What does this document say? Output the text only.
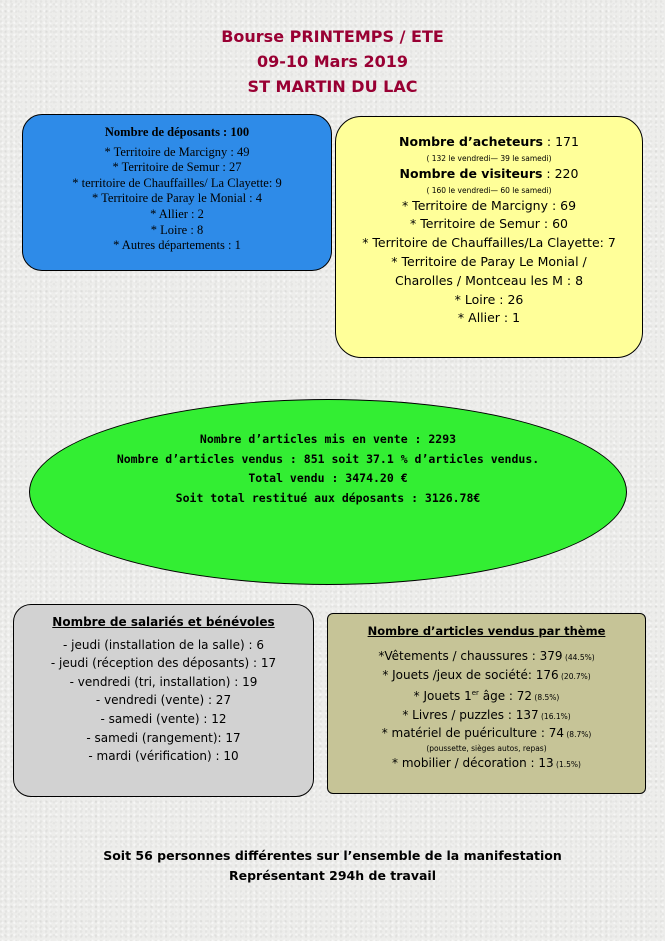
Bourse PRINTEMPS / ETE
09-10 Mars 2019
ST MARTIN DU LAC
Nombre de déposants : 100
* Territoire de Marcigny : 49
* Territoire de Semur : 27
* territoire de Chauffailles/ La Clayette: 9
* Territoire de Paray le Monial : 4
* Allier : 2
* Loire : 8
* Autres départements : 1
Nombre d’acheteurs : 171
( 132 le vendredi— 39 le samedi)
Nombre de visiteurs : 220
( 160 le vendredi— 60 le samedi)
* Territoire de Marcigny : 69
* Territoire de Semur : 60
* Territoire de Chauffailles/La Clayette: 7
* Territoire de Paray Le Monial /
Charolles / Montceau les M : 8
* Loire : 26
* Allier : 1
Nombre d’articles mis en vente : 2293
Nombre d’articles vendus : 851 soit 37.1 % d’articles vendus.
Total vendu : 3474.20 €
Soit total restitué aux déposants : 3126.78€
Nombre de salariés et bénévoles
- jeudi (installation de la salle) : 6
- jeudi (réception des déposants) : 17
- vendredi (tri, installation) : 19
- vendredi (vente) : 27
- samedi (vente) : 12
- samedi (rangement): 17
- mardi (vérification) : 10
Nombre d’articles vendus par thème
*Vêtements / chaussures : 379 (44.5%)
* Jouets /jeux de société: 176 (20.7%)
* Jouets 1er âge : 72 (8.5%)
* Livres / puzzles : 137 (16.1%)
* matériel de puériculture : 74 (8.7%)
(poussette, sièges autos, repas)
* mobilier / décoration : 13 (1.5%)
Soit 56 personnes différentes sur l’ensemble de la manifestation
Représentant 294h de travail
